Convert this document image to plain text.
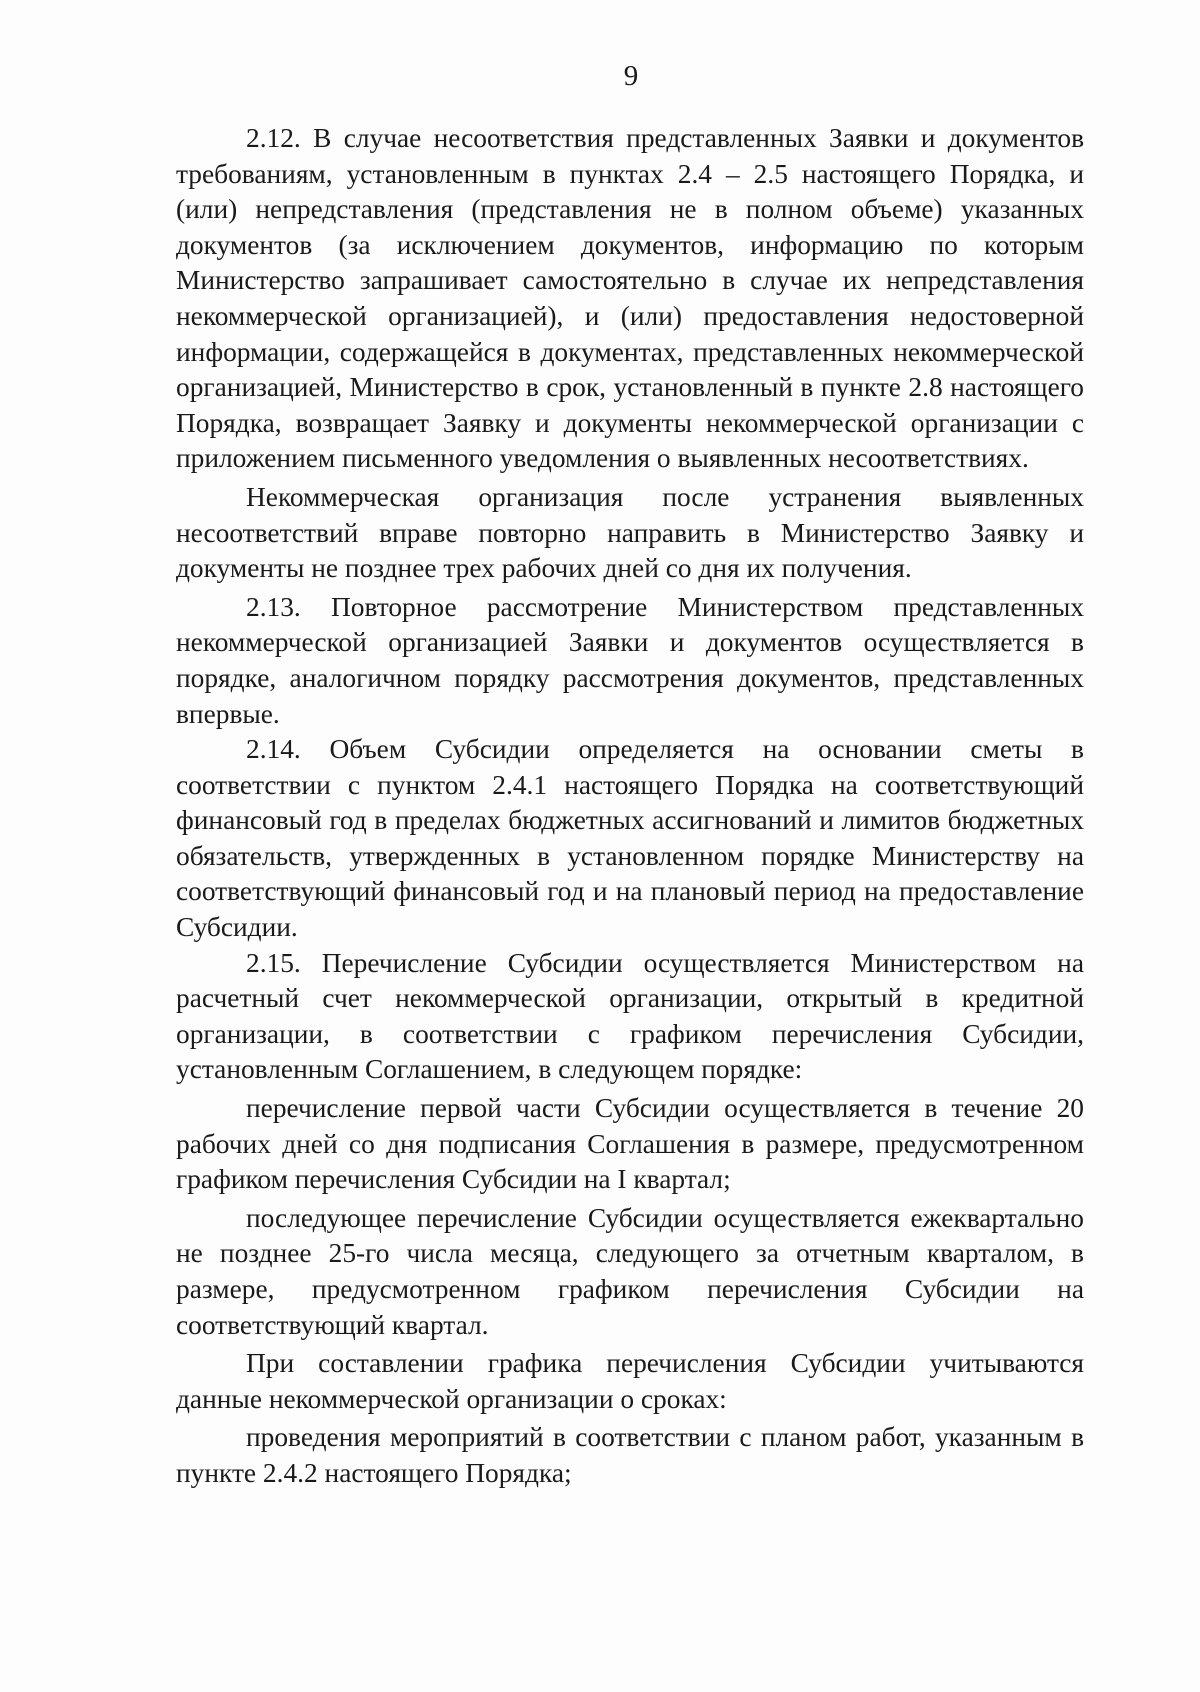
9

2.12. В случае несоответствия представленных Заявки и документов требованиям, установленным в пунктах 2.4 – 2.5 настоящего Порядка, и (или) непредставления (представления не в полном объеме) указанных документов (за исключением документов, информацию по которым Министерство запрашивает самостоятельно в случае их непредставления некоммерческой организацией), и (или) предоставления недостоверной информации, содержащейся в документах, представленных некоммерческой организацией, Министерство в срок, установленный в пункте 2.8 настоящего Порядка, возвращает Заявку и документы некоммерческой организации с приложением письменного уведомления о выявленных несоответствиях.

Некоммерческая организация после устранения выявленных несоответствий вправе повторно направить в Министерство Заявку и документы не позднее трех рабочих дней со дня их получения.

2.13. Повторное рассмотрение Министерством представленных некоммерческой организацией Заявки и документов осуществляется в порядке, аналогичном порядку рассмотрения документов, представленных впервые.

2.14. Объем Субсидии определяется на основании сметы в соответствии с пунктом 2.4.1 настоящего Порядка на соответствующий финансовый год в пределах бюджетных ассигнований и лимитов бюджетных обязательств, утвержденных в установленном порядке Министерству на соответствующий финансовый год и на плановый период на предоставление Субсидии.

2.15. Перечисление Субсидии осуществляется Министерством на расчетный счет некоммерческой организации, открытый в кредитной организации, в соответствии с графиком перечисления Субсидии, установленным Соглашением, в следующем порядке:

перечисление первой части Субсидии осуществляется в течение 20 рабочих дней со дня подписания Соглашения в размере, предусмотренном графиком перечисления Субсидии на I квартал;

последующее перечисление Субсидии осуществляется ежеквартально не позднее 25-го числа месяца, следующего за отчетным кварталом, в размере, предусмотренном графиком перечисления Субсидии на соответствующий квартал.

При составлении графика перечисления Субсидии учитываются данные некоммерческой организации о сроках:

проведения мероприятий в соответствии с планом работ, указанным в пункте 2.4.2 настоящего Порядка;
